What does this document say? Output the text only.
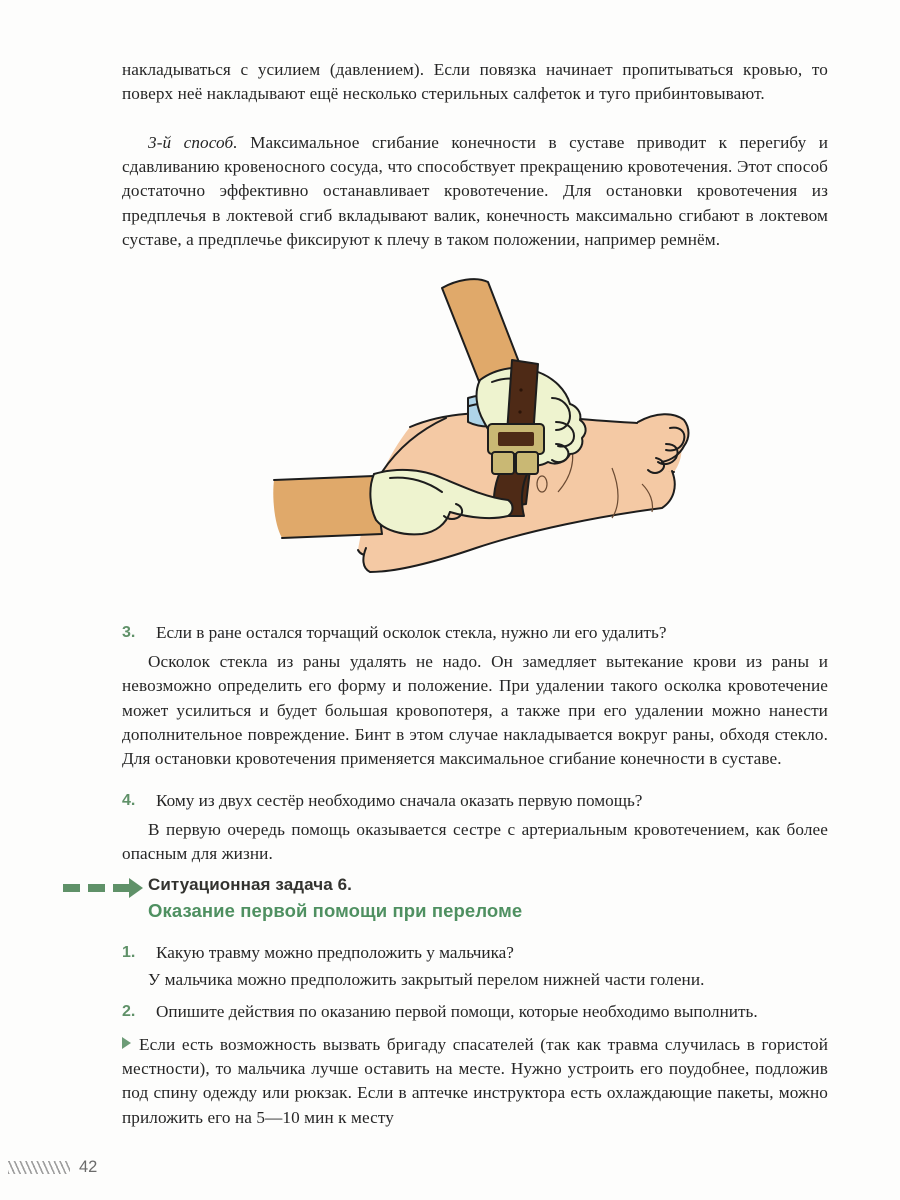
накладываться с усилием (давлением). Если повязка начинает пропитываться кровью, то поверх неё накладывают ещё несколько стерильных салфеток и туго прибинтовывают.

3-й способ. Максимальное сгибание конечности в суставе приводит к перегибу и сдавливанию кровеносного сосуда, что способствует прекращению кровотечения. Этот способ достаточно эффективно останавливает кровотечение. Для остановки кровотечения из предплечья в локтевой сгиб вкладывают валик, конечность максимально сгибают в локтевом суставе, а предплечье фиксируют к плечу в таком положении, например ремнём.

3.	Если в ране остался торчащий осколок стекла, нужно ли его удалить?

Осколок стекла из раны удалять не надо. Он замедляет вытекание крови из раны и невозможно определить его форму и положение. При удалении такого осколка кровотечение может усилиться и будет большая кровопотеря, а также при его удалении можно нанести дополнительное повреждение. Бинт в этом случае накладывается вокруг раны, обходя стекло. Для остановки кровотечения применяется максимальное сгибание конечности в суставе.

4.	Кому из двух сестёр необходимо сначала оказать первую помощь?

В первую очередь помощь оказывается сестре с артериальным кровотечением, как более опасным для жизни.

Ситуационная задача 6.
Оказание первой помощи при переломе
1.	Какую травму можно предположить у мальчика?

У мальчика можно предположить закрытый перелом нижней части голени.

2.	Опишите действия по оказанию первой помощи, которые необходимо выполнить.

Если есть возможность вызвать бригаду спасателей (так как травма случилась в гористой местности), то мальчика лучше оставить на месте. Нужно устроить его поудобнее, подложив под спину одежду или рюкзак. Если в аптечке инструктора есть охлаждающие пакеты, можно приложить его на 5—10 мин к месту

42
